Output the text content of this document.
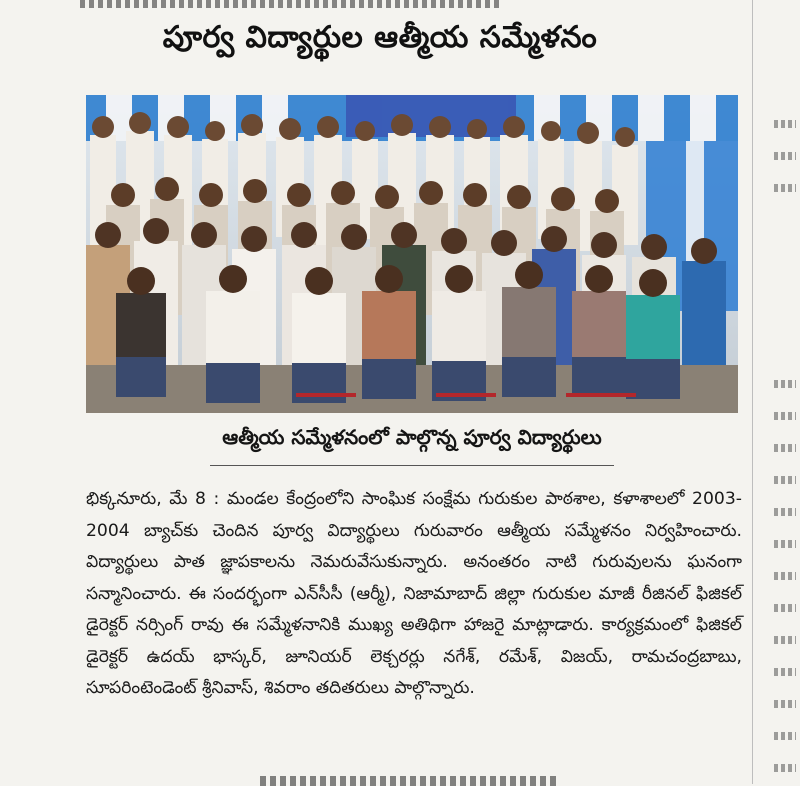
పూర్వ విద్యార్థుల ఆత్మీయ సమ్మేళనం
ఆత్మీయ సమ్మేళనంలో పాల్గొన్న పూర్వ విద్యార్థులు

భిక్కనూరు, మే 8 : మండల కేంద్రంలోని సాంఘిక సంక్షేమ గురుకుల పాఠశాల, కళాశాలలో 2003-2004 బ్యాచ్‌కు చెందిన పూర్వ విద్యార్థులు గురువారం ఆత్మీయ సమ్మేళనం నిర్వహించారు. విద్యార్థులు పాత జ్ఞాపకాలను నెమరువేసుకున్నారు. అనంతరం నాటి గురువులను ఘనంగా సన్మానించారు. ఈ సందర్భంగా ఎన్‌సీసీ (ఆర్మీ), నిజామాబాద్ జిల్లా గురుకుల మాజీ రీజినల్ ఫిజికల్ డైరెక్టర్ నర్సింగ్ రావు ఈ సమ్మేళనానికి ముఖ్య అతిథిగా హాజరై మాట్లాడారు. కార్యక్రమంలో ఫిజికల్ డైరెక్టర్ ఉదయ్ భాస్కర్, జూనియర్ లెక్చరర్లు నగేశ్, రమేశ్, విజయ్, రామచంద్రబాబు, సూపరింటెండెంట్ శ్రీనివాస్, శివరాం తదితరులు పాల్గొన్నారు.
